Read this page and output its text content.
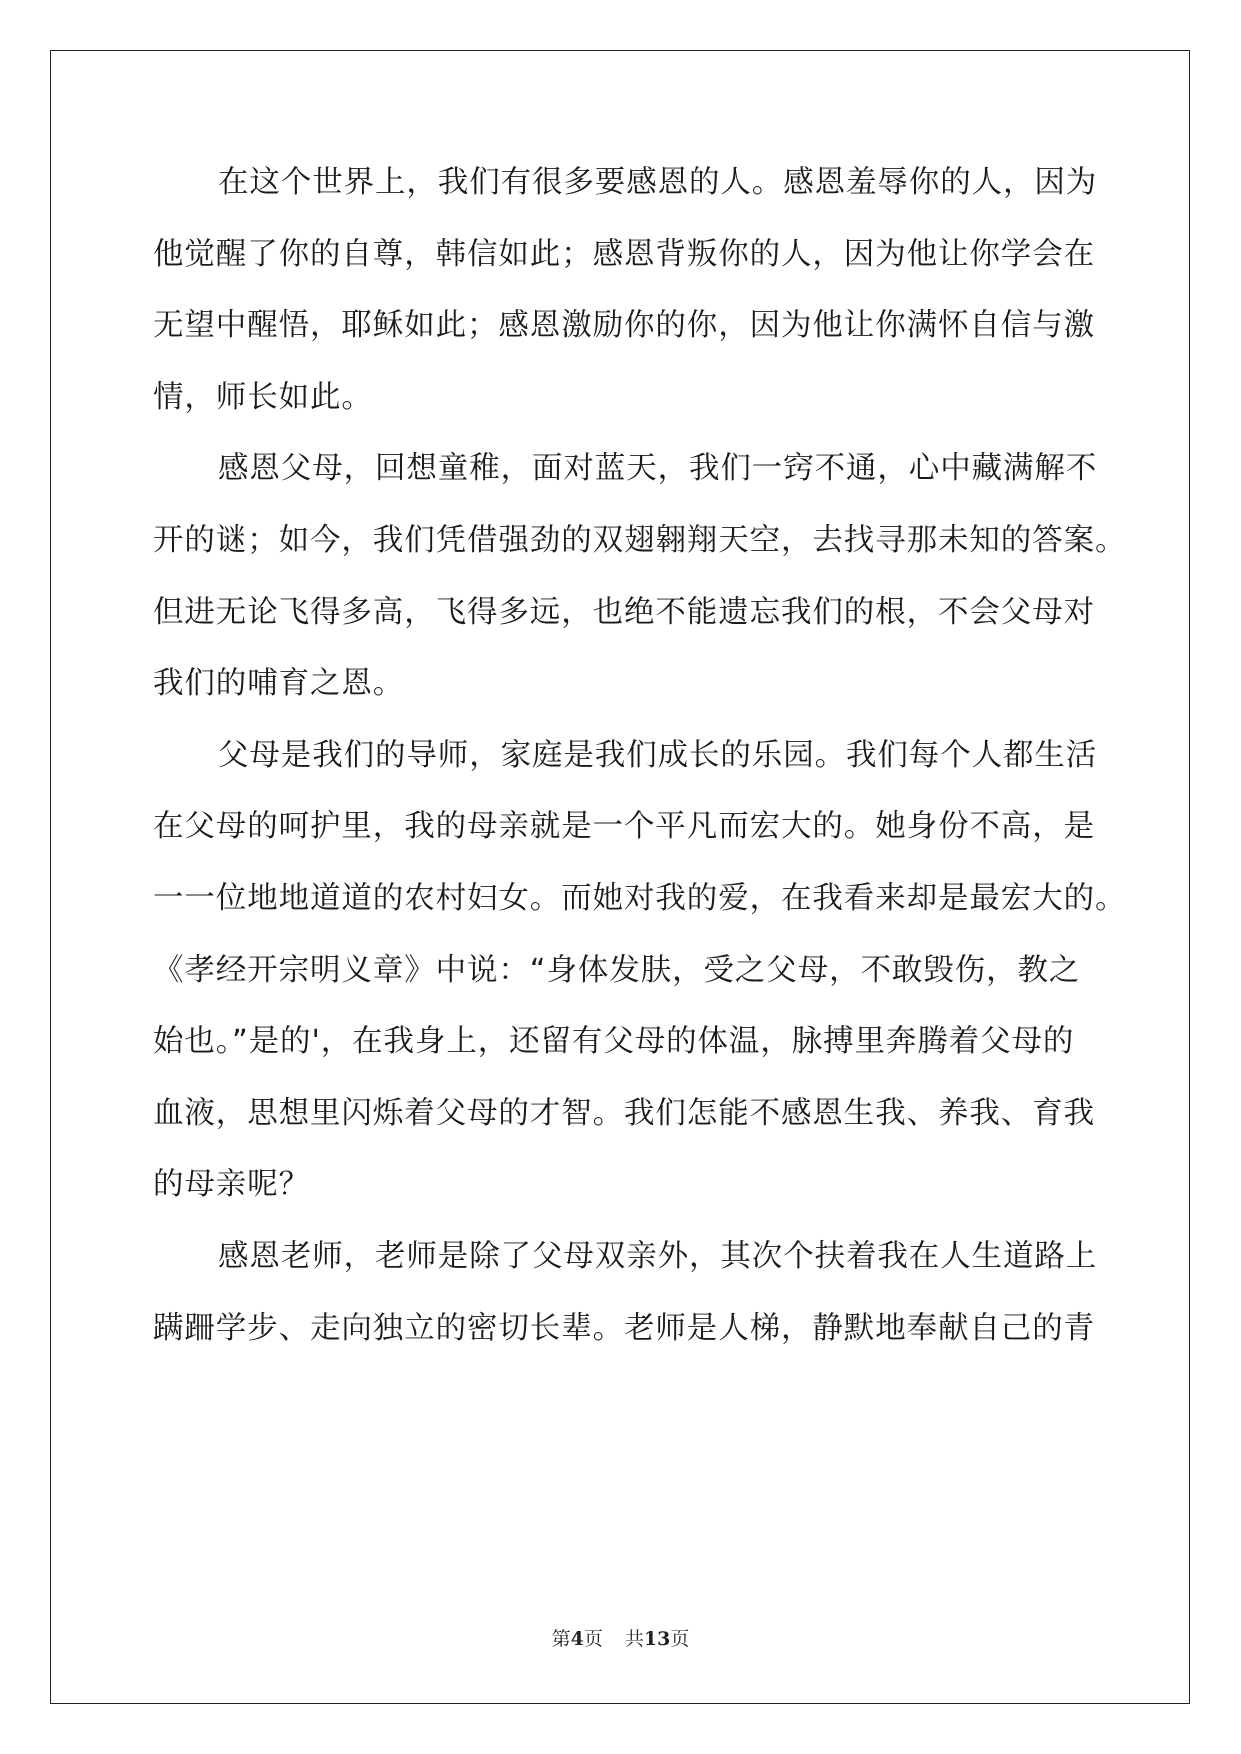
在这个世界上，我们有很多要感恩的人。感恩羞辱你的人，因为
他觉醒了你的自尊，韩信如此；感恩背叛你的人，因为他让你学会在
无望中醒悟，耶稣如此；感恩激励你的你，因为他让你满怀自信与激
情，师长如此。
感恩父母，回想童稚，面对蓝天，我们一窍不通，心中藏满解不
开的谜；如今，我们凭借强劲的双翅翱翔天空，去找寻那未知的答案。
但进无论飞得多高，飞得多远，也绝不能遗忘我们的根，不会父母对
我们的哺育之恩。
父母是我们的导师，家庭是我们成长的乐园。我们每个人都生活
在父母的呵护里，我的母亲就是一个平凡而宏大的。她身份不高，是
一一位地地道道的农村妇女。而她对我的爱，在我看来却是最宏大的。
《孝经开宗明义章》中说：“身体发肤，受之父母，不敢毁伤，教之
始也。”是的'，在我身上，还留有父母的体温，脉搏里奔腾着父母的
血液，思想里闪烁着父母的才智。我们怎能不感恩生我、养我、育我
的母亲呢？
感恩老师，老师是除了父母双亲外，其次个扶着我在人生道路上
蹒跚学步、走向独立的密切长辈。老师是人梯，静默地奉献自己的青
第4页 共13页
